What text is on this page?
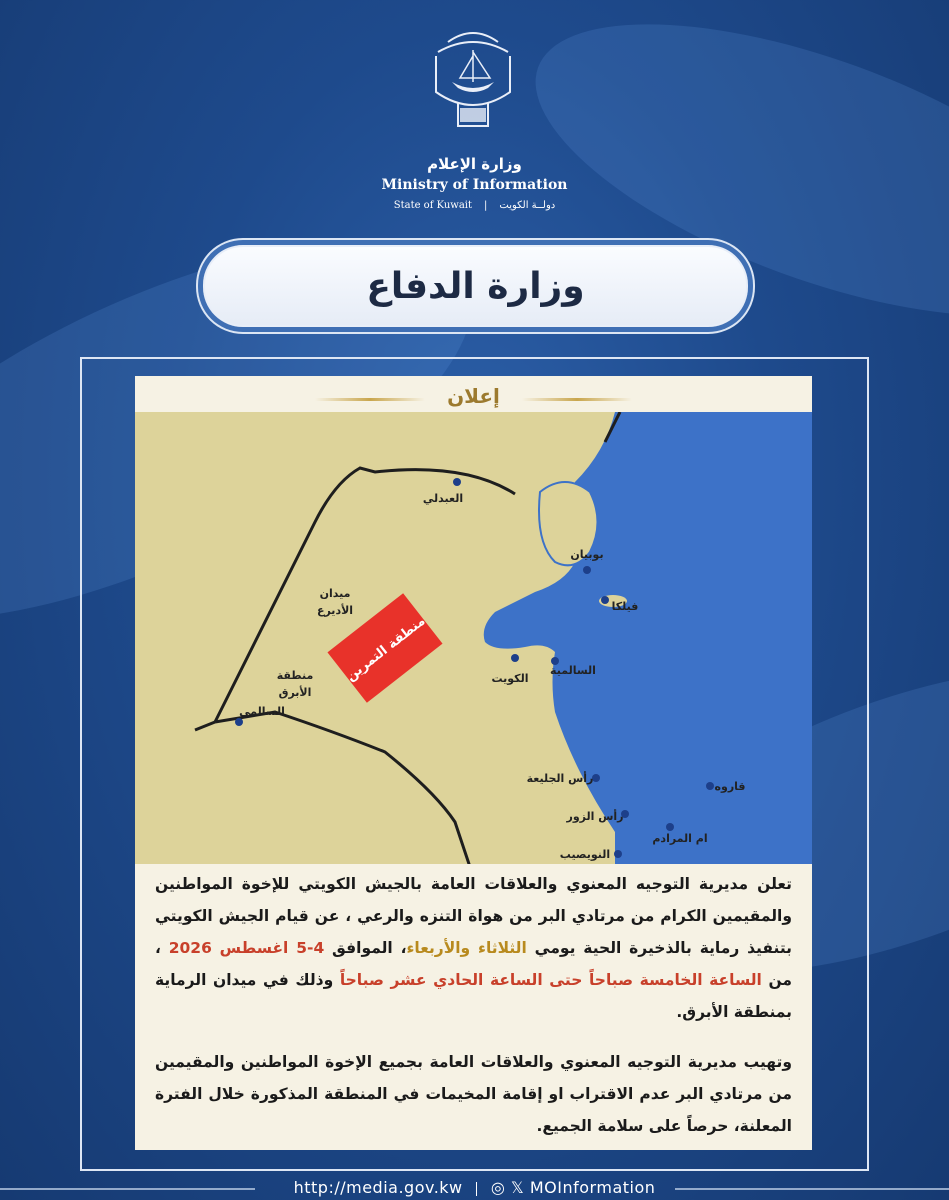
وزارة الإعلام
Ministry of Information
State of Kuwait | دولــة الكويت
وزارة الدفاع
إعلان
منطقة التمرين
العبدلي
بوبيان
فيلكا
السالمية
الكويت
ميدان
الأديرع
منطقة
الأبرق
السالمي
رأس الجليعة
قاروه
رأس الزور
ام المرادم
النويصيب
تعلن مديرية التوجيه المعنوي والعلاقات العامة بالجيش الكويتي للإخوة المواطنين والمقيمين الكرام من مرتادي البر من هواة التنزه والرعي ، عن قيام الجيش الكويتي بتنفيذ رماية بالذخيرة الحية يومي الثلاثاء والأربعاء، الموافق 4-5 اغسطس 2026 ، من الساعة الخامسة صباحاً حتى الساعة الحادي عشر صباحاً وذلك في ميدان الرماية بمنطقة الأبرق.
وتهيب مديرية التوجيه المعنوي والعلاقات العامة بجميع الإخوة المواطنين والمقيمين من مرتادي البر عدم الاقتراب او إقامة المخيمات في المنطقة المذكورة خلال الفترة المعلنة، حرصاً على سلامة الجميع.
http://media.gov.kw ◎ 𝕏 MOInformation
